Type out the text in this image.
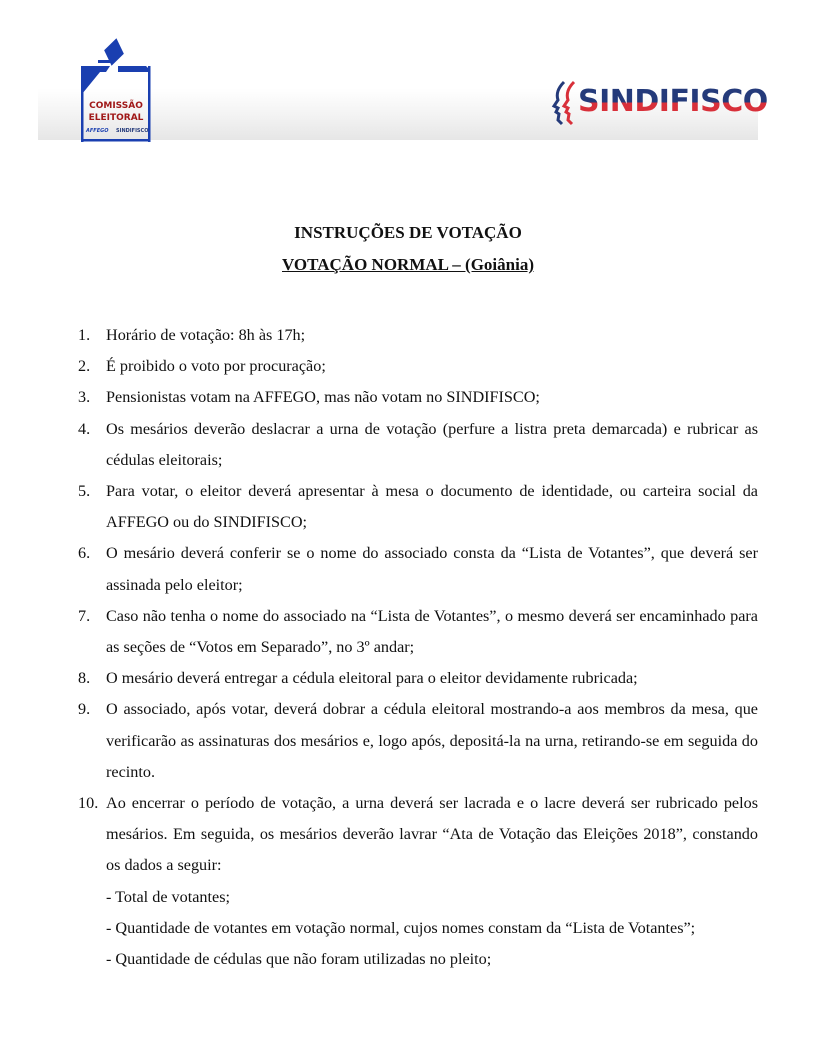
COMISSÃO
ELEITORAL
AFFEGO SINDIFISCO
SINDIFISCO
INSTRUÇÕES DE VOTAÇÃO
VOTAÇÃO NORMAL – (Goiânia)
1. Horário de votação: 8h às 17h;
2. É proibido o voto por procuração;
3. Pensionistas votam na AFFEGO, mas não votam no SINDIFISCO;
4. Os mesários deverão deslacrar a urna de votação (perfure a listra preta demarcada) e rubricar as cédulas eleitorais;
5. Para votar, o eleitor deverá apresentar à mesa o documento de identidade, ou carteira social da AFFEGO ou do SINDIFISCO;
6. O mesário deverá conferir se o nome do associado consta da “Lista de Votantes”, que deverá ser assinada pelo eleitor;
7. Caso não tenha o nome do associado na “Lista de Votantes”, o mesmo deverá ser encaminhado para as seções de “Votos em Separado”, no 3º andar;
8. O mesário deverá entregar a cédula eleitoral para o eleitor devidamente rubricada;
9. O associado, após votar, deverá dobrar a cédula eleitoral mostrando-a aos membros da mesa, que verificarão as assinaturas dos mesários e, logo após, depositá-la na urna, retirando-se em seguida do recinto.
10. Ao encerrar o período de votação, a urna deverá ser lacrada e o lacre deverá ser rubricado pelos mesários. Em seguida, os mesários deverão lavrar “Ata de Votação das Eleições 2018”, constando os dados a seguir:
- Total de votantes;
- Quantidade de votantes em votação normal, cujos nomes constam da “Lista de Votantes”;
- Quantidade de cédulas que não foram utilizadas no pleito;
